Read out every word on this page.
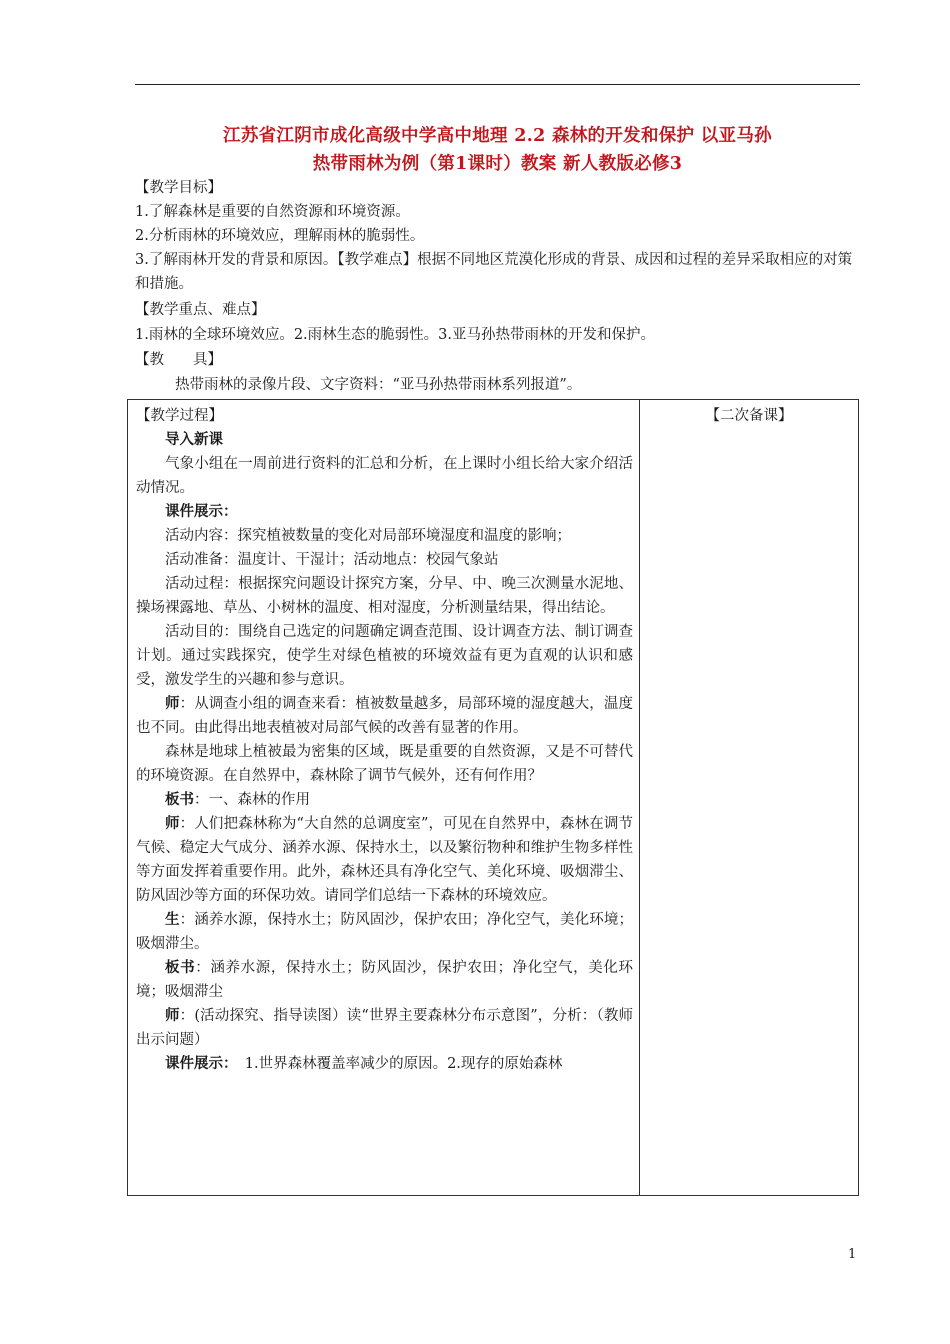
江苏省江阴市成化高级中学高中地理 2.2 森林的开发和保护 以亚马孙
热带雨林为例（第1课时）教案 新人教版必修3
【教学目标】
1.了解森林是重要的自然资源和环境资源。
2.分析雨林的环境效应，理解雨林的脆弱性。
3.了解雨林开发的背景和原因。【教学难点】根据不同地区荒漠化形成的背景、成因和过程的差异采取相应的对策和措施。
【教学重点、难点】
1.雨林的全球环境效应。2.雨林生态的脆弱性。3.亚马孙热带雨林的开发和保护。
【教　　具】
热带雨林的录像片段、文字资料：“亚马孙热带雨林系列报道”。

【教学过程】

导入新课

气象小组在一周前进行资料的汇总和分析，在上课时小组长给大家介绍活动情况。

课件展示：

活动内容：探究植被数量的变化对局部环境湿度和温度的影响；

活动准备：温度计、干湿计；活动地点：校园气象站

活动过程：根据探究问题设计探究方案，分早、中、晚三次测量水泥地、操场裸露地、草丛、小树林的温度、相对湿度，分析测量结果，得出结论。

活动目的：围绕自己选定的问题确定调查范围、设计调查方法、制订调查计划。通过实践探究，使学生对绿色植被的环境效益有更为直观的认识和感受，激发学生的兴趣和参与意识。

师：从调查小组的调查来看：植被数量越多，局部环境的湿度越大，温度也不同。由此得出地表植被对局部气候的改善有显著的作用。

森林是地球上植被最为密集的区域，既是重要的自然资源，又是不可替代的环境资源。在自然界中，森林除了调节气候外，还有何作用？

板书：一、森林的作用

师：人们把森林称为“大自然的总调度室”，可见在自然界中，森林在调节气候、稳定大气成分、涵养水源、保持水土，以及繁衍物种和维护生物多样性等方面发挥着重要作用。此外，森林还具有净化空气、美化环境、吸烟滞尘、防风固沙等方面的环保功效。请同学们总结一下森林的环境效应。

生：涵养水源，保持水土；防风固沙，保护农田；净化空气，美化环境；吸烟滞尘。

板书：涵养水源，保持水土；防风固沙，保护农田；净化空气，美化环境；吸烟滞尘

师：(活动探究、指导读图）读“世界主要森林分布示意图”，分析：（教师出示问题）

课件展示：　1.世界森林覆盖率减少的原因。2.现存的原始森林

【二次备课】
1
